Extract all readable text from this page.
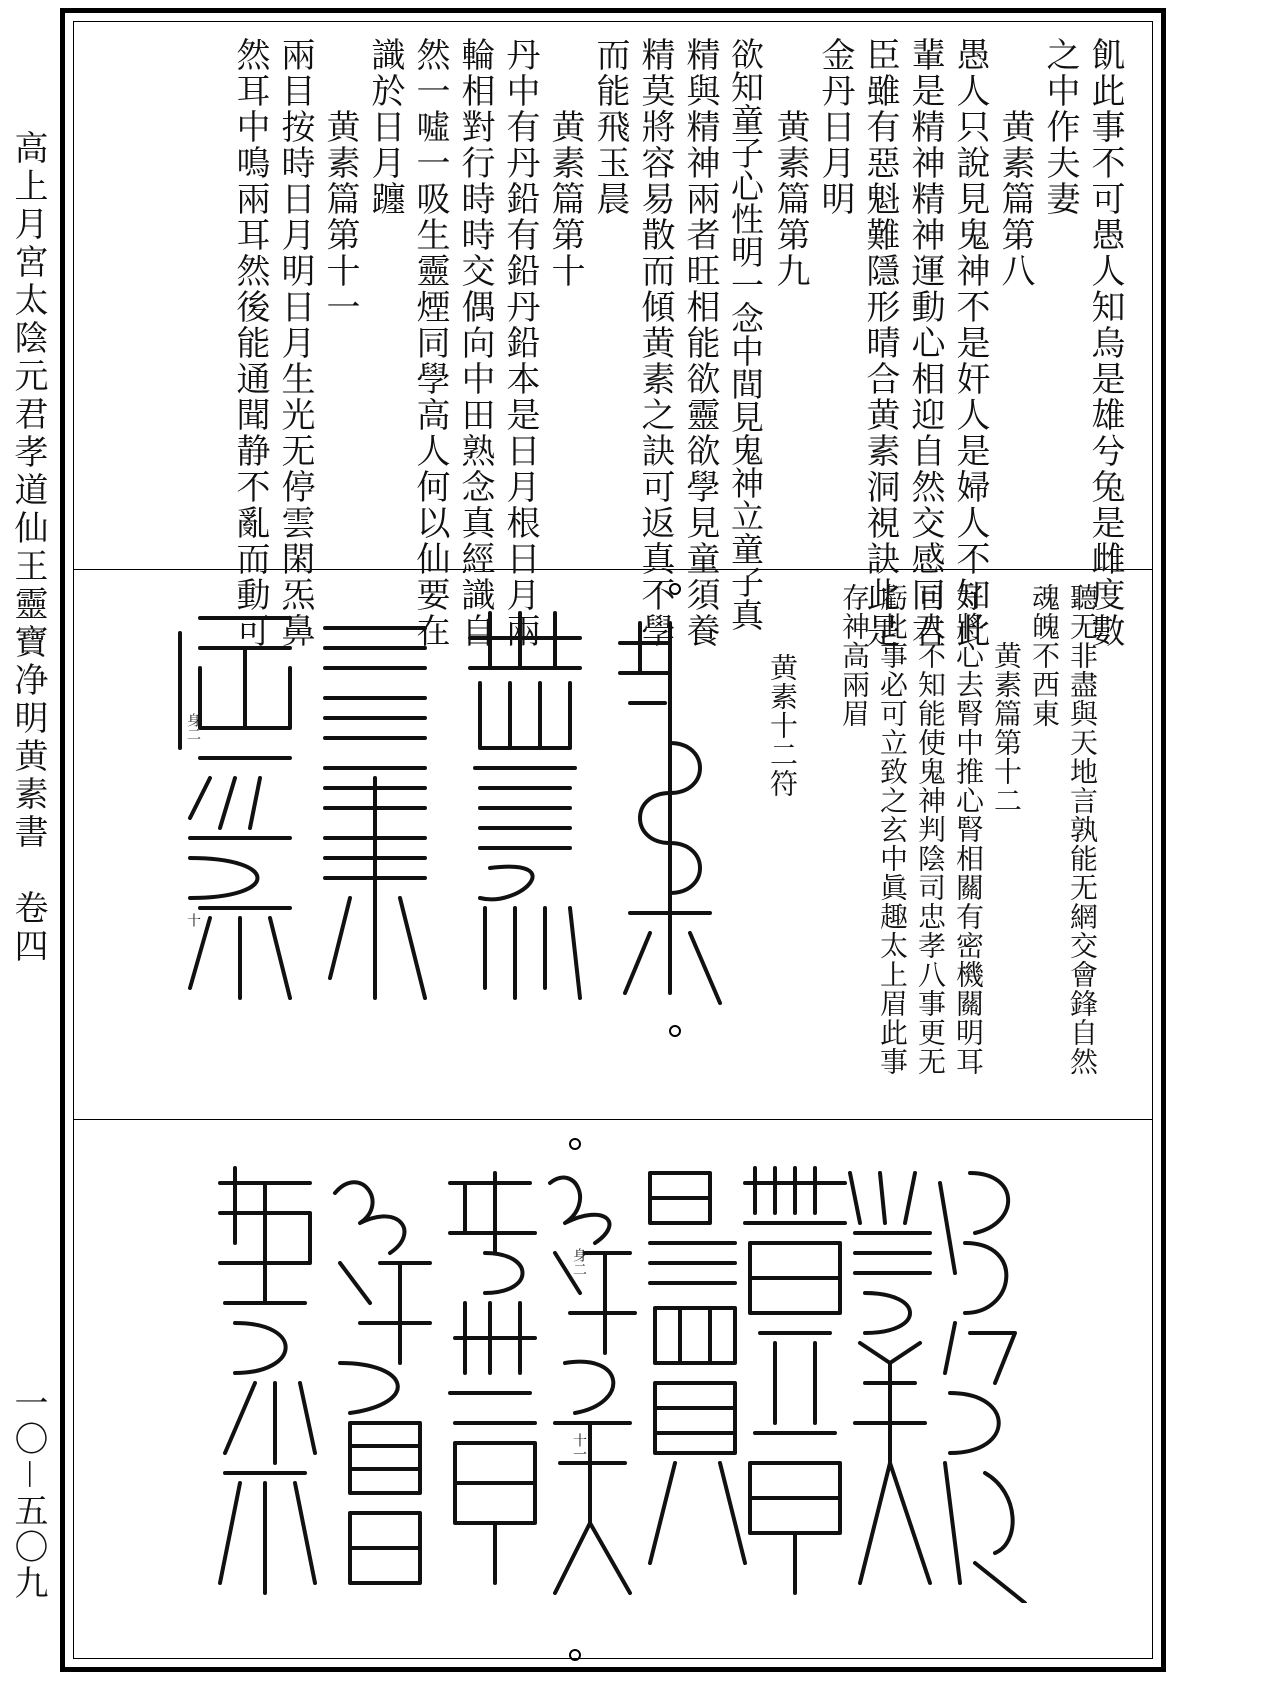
高上月宮太陰元君孝道仙王靈寶净明黄素書　卷四
一〇－五〇九
飢此事不可愚人知烏是雄兮兔是雌度數
之中作夫妻
　　黄素篇第八
愚人只說見鬼神不是奸人是婦人不知此
輩是精神精神運動心相迎自然交感同君
臣雖有惡魁難隱形晴合黄素洞視訣此是
金丹日月明
　　黄素篇第九
欲知童子心性明一念中間見鬼神立童子真
精與精神兩者旺相能欲靈欲學見童須養
精莫將容易散而傾黄素之訣可返真不學
而能飛玉晨
　　黄素篇第十
丹中有丹鉛有鉛丹鉛本是日月根日月兩
輪相對行時時交偶向中田熟念真經識自
然一噓一吸生靈煙同學高人何以仙要在
識於日月躔
　　黄素篇第十一
兩目按時日月明日月生光无停雲閑炁鼻
然耳中鳴兩耳然後能通聞静不亂而動可
聽无非盡與天地言孰能无網交會鋒自然
魂魄不西東
　　黄素篇第十二
好將心去腎中推心腎相關有密機關明耳
目人不知能使鬼神判陰司忠孝八事更无
虧此事必可立致之玄中眞趣太上眉此事
存神高兩眉
黄素十二符
身二
十
身二
十一
